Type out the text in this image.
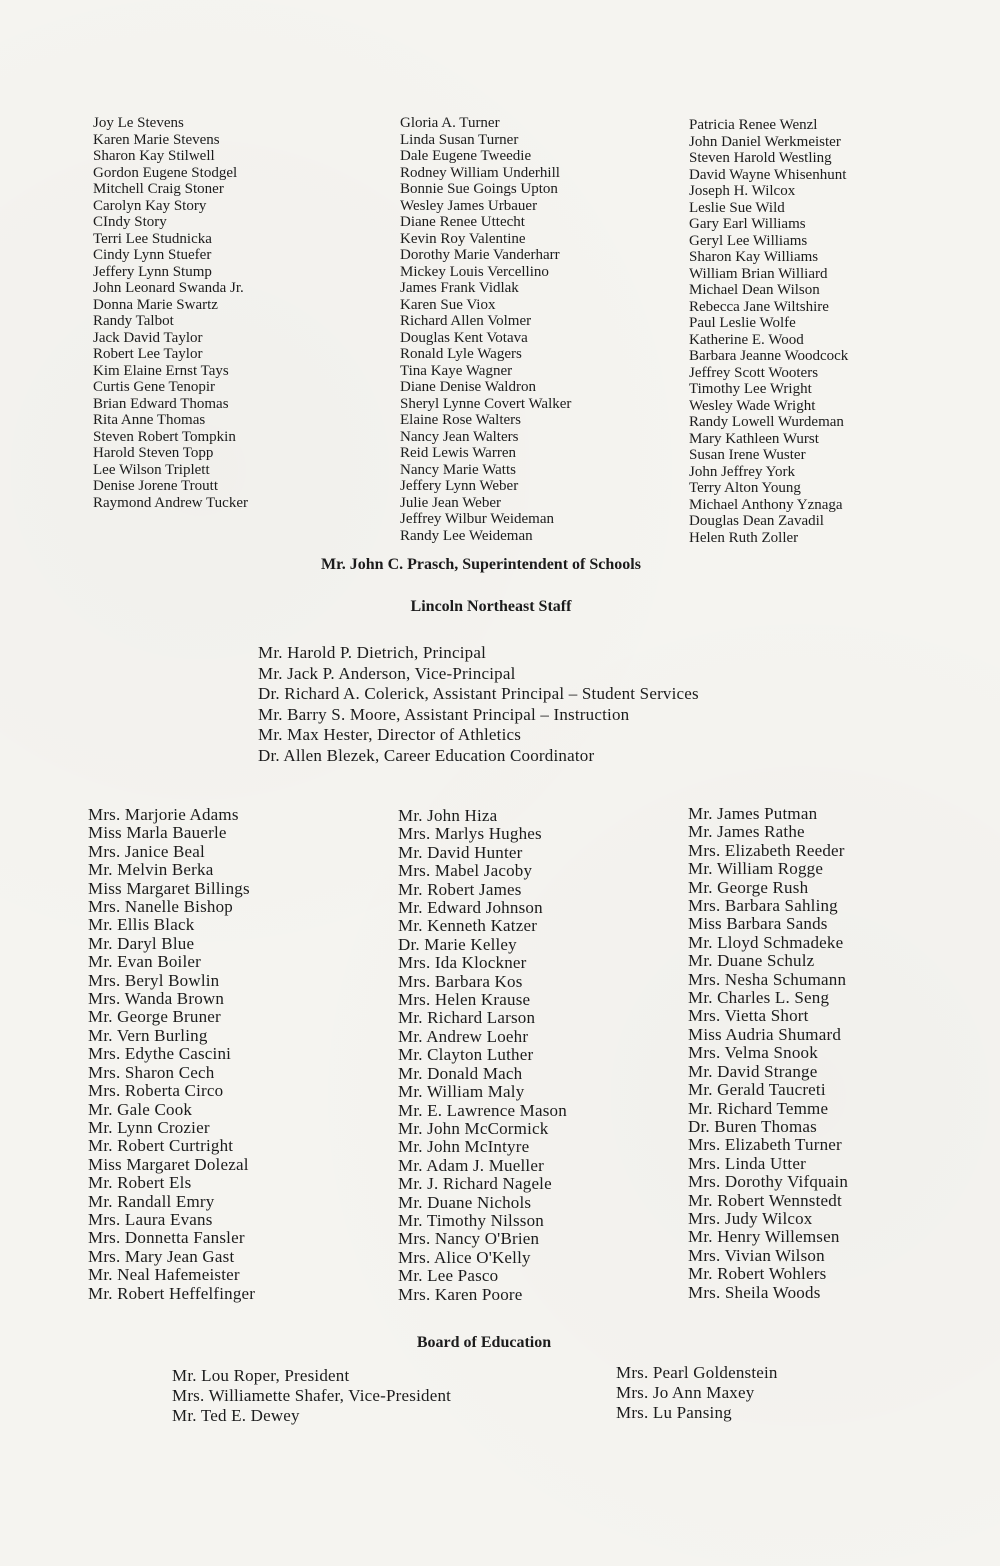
Joy Le Stevens
Karen Marie Stevens
Sharon Kay Stilwell
Gordon Eugene Stodgel
Mitchell Craig Stoner
Carolyn Kay Story
CIndy Story
Terri Lee Studnicka
Cindy Lynn Stuefer
Jeffery Lynn Stump
John Leonard Swanda Jr.
Donna Marie Swartz
Randy Talbot
Jack David Taylor
Robert Lee Taylor
Kim Elaine Ernst Tays
Curtis Gene Tenopir
Brian Edward Thomas
Rita Anne Thomas
Steven Robert Tompkin
Harold Steven Topp
Lee Wilson Triplett
Denise Jorene Troutt
Raymond Andrew Tucker
Gloria A. Turner
Linda Susan Turner
Dale Eugene Tweedie
Rodney William Underhill
Bonnie Sue Goings Upton
Wesley James Urbauer
Diane Renee Uttecht
Kevin Roy Valentine
Dorothy Marie Vanderharr
Mickey Louis Vercellino
James Frank Vidlak
Karen Sue Viox
Richard Allen Volmer
Douglas Kent Votava
Ronald Lyle Wagers
Tina Kaye Wagner
Diane Denise Waldron
Sheryl Lynne Covert Walker
Elaine Rose Walters
Nancy Jean Walters
Reid Lewis Warren
Nancy Marie Watts
Jeffery Lynn Weber
Julie Jean Weber
Jeffrey Wilbur Weideman
Randy Lee Weideman
Patricia Renee Wenzl
John Daniel Werkmeister
Steven Harold Westling
David Wayne Whisenhunt
Joseph H. Wilcox
Leslie Sue Wild
Gary Earl Williams
Geryl Lee Williams
Sharon Kay Williams
William Brian Williard
Michael Dean Wilson
Rebecca Jane Wiltshire
Paul Leslie Wolfe
Katherine E. Wood
Barbara Jeanne Woodcock
Jeffrey Scott Wooters
Timothy Lee Wright
Wesley Wade Wright
Randy Lowell Wurdeman
Mary Kathleen Wurst
Susan Irene Wuster
John Jeffrey York
Terry Alton Young
Michael Anthony Yznaga
Douglas Dean Zavadil
Helen Ruth Zoller
Mr. John C. Prasch, Superintendent of Schools
Lincoln Northeast Staff
Mr. Harold P. Dietrich, Principal
Mr. Jack P. Anderson, Vice-Principal
Dr. Richard A. Colerick, Assistant Principal – Student Services
Mr. Barry S. Moore, Assistant Principal – Instruction
Mr. Max Hester, Director of Athletics
Dr. Allen Blezek, Career Education Coordinator
Mrs. Marjorie Adams
Miss Marla Bauerle
Mrs. Janice Beal
Mr. Melvin Berka
Miss Margaret Billings
Mrs. Nanelle Bishop
Mr. Ellis Black
Mr. Daryl Blue
Mr. Evan Boiler
Mrs. Beryl Bowlin
Mrs. Wanda Brown
Mr. George Bruner
Mr. Vern Burling
Mrs. Edythe Cascini
Mrs. Sharon Cech
Mrs. Roberta Circo
Mr. Gale Cook
Mr. Lynn Crozier
Mr. Robert Curtright
Miss Margaret Dolezal
Mr. Robert Els
Mr. Randall Emry
Mrs. Laura Evans
Mrs. Donnetta Fansler
Mrs. Mary Jean Gast
Mr. Neal Hafemeister
Mr. Robert Heffelfinger
Mr. John Hiza
Mrs. Marlys Hughes
Mr. David Hunter
Mrs. Mabel Jacoby
Mr. Robert James
Mr. Edward Johnson
Mr. Kenneth Katzer
Dr. Marie Kelley
Mrs. Ida Klockner
Mrs. Barbara Kos
Mrs. Helen Krause
Mr. Richard Larson
Mr. Andrew Loehr
Mr. Clayton Luther
Mr. Donald Mach
Mr. William Maly
Mr. E. Lawrence Mason
Mr. John McCormick
Mr. John McIntyre
Mr. Adam J. Mueller
Mr. J. Richard Nagele
Mr. Duane Nichols
Mr. Timothy Nilsson
Mrs. Nancy O'Brien
Mrs. Alice O'Kelly
Mr. Lee Pasco
Mrs. Karen Poore
Mr. James Putman
Mr. James Rathe
Mrs. Elizabeth Reeder
Mr. William Rogge
Mr. George Rush
Mrs. Barbara Sahling
Miss Barbara Sands
Mr. Lloyd Schmadeke
Mr. Duane Schulz
Mrs. Nesha Schumann
Mr. Charles L. Seng
Mrs. Vietta Short
Miss Audria Shumard
Mrs. Velma Snook
Mr. David Strange
Mr. Gerald Taucreti
Mr. Richard Temme
Dr. Buren Thomas
Mrs. Elizabeth Turner
Mrs. Linda Utter
Mrs. Dorothy Vifquain
Mr. Robert Wennstedt
Mrs. Judy Wilcox
Mr. Henry Willemsen
Mrs. Vivian Wilson
Mr. Robert Wohlers
Mrs. Sheila Woods
Board of Education
Mr. Lou Roper, President
Mrs. Williamette Shafer, Vice-President
Mr. Ted E. Dewey
Mrs. Pearl Goldenstein
Mrs. Jo Ann Maxey
Mrs. Lu Pansing
